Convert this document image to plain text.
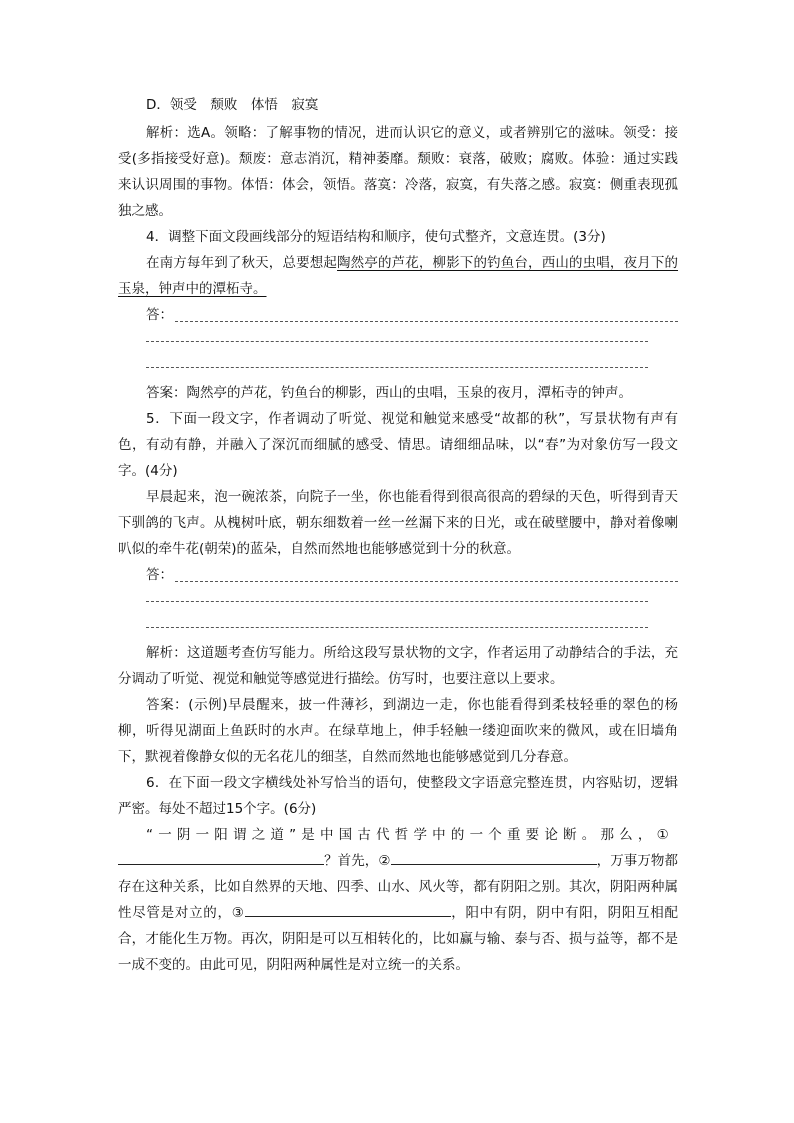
D．领受　颓败　体悟　寂寞

解析：选A。领略：了解事物的情况，进而认识它的意义，或者辨别它的滋味。领受：接受(多指接受好意)。颓废：意志消沉，精神萎靡。颓败：衰落，破败；腐败。体验：通过实践来认识周围的事物。体悟：体会，领悟。落寞：冷落，寂寞，有失落之感。寂寞：侧重表现孤独之感。

4．调整下面文段画线部分的短语结构和顺序，使句式整齐，文意连贯。(3分)

在南方每年到了秋天，总要想起陶然亭的芦花，柳影下的钓鱼台，西山的虫唱，夜月下的玉泉，钟声中的潭柘寺。

答：

答案：陶然亭的芦花，钓鱼台的柳影，西山的虫唱，玉泉的夜月，潭柘寺的钟声。

5．下面一段文字，作者调动了听觉、视觉和触觉来感受“故都的秋”，写景状物有声有色，有动有静，并融入了深沉而细腻的感受、情思。请细细品味，以“春”为对象仿写一段文字。(4分)

早晨起来，泡一碗浓茶，向院子一坐，你也能看得到很高很高的碧绿的天色，听得到青天下驯鸽的飞声。从槐树叶底，朝东细数着一丝一丝漏下来的日光，或在破壁腰中，静对着像喇叭似的牵牛花(朝荣)的蓝朵，自然而然地也能够感觉到十分的秋意。

答：

解析：这道题考查仿写能力。所给这段写景状物的文字，作者运用了动静结合的手法，充分调动了听觉、视觉和触觉等感觉进行描绘。仿写时，也要注意以上要求。

答案：(示例)早晨醒来，披一件薄衫，到湖边一走，你也能看得到柔枝轻垂的翠色的杨柳，听得见湖面上鱼跃时的水声。在绿草地上，伸手轻触一缕迎面吹来的微风，或在旧墙角下，默视着像静女似的无名花儿的细茎，自然而然地也能够感觉到几分春意。

6．在下面一段文字横线处补写恰当的语句，使整段文字语意完整连贯，内容贴切，逻辑严密。每处不超过15个字。(6分)

“一阴一阳谓之道”是中国古代哲学中的一个重要论断。那么，①

？首先，②	，万事万物都存在这种关系，比如自然界的天地、四季、山水、风火等，都有阴阳之别。其次，阴阳两种属性尽管是对立的，③	，阳中有阴，阴中有阳，阴阳互相配合，才能化生万物。再次，阴阳是可以互相转化的，比如赢与输、泰与否、损与益等，都不是一成不变的。由此可见，阴阳两种属性是对立统一的关系。
